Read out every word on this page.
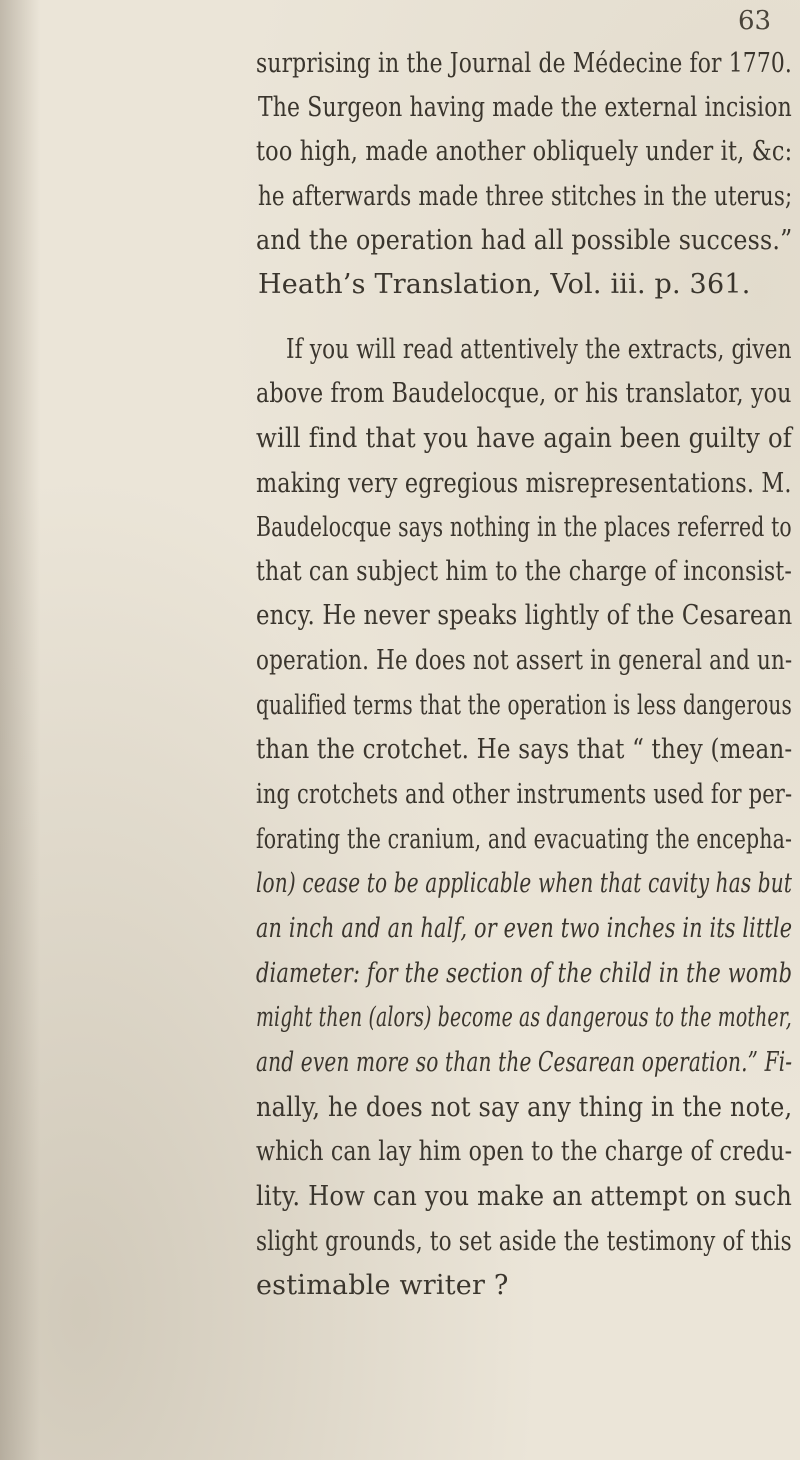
63
surprising in the Journal de Médecine for 1770.
The Surgeon having made the external incision
too high, made another obliquely under it, &c:
he afterwards made three stitches in the uterus;
and the operation had all possible success.”
Heath’s Translation, Vol. iii. p. 361.
If you will read attentively the extracts, given
above from Baudelocque, or his translator, you
will find that you have again been guilty of
making very egregious misrepresentations. M.
Baudelocque says nothing in the places referred to
that can subject him to the charge of inconsist-
ency. He never speaks lightly of the Cesarean
operation. He does not assert in general and un-
qualified terms that the operation is less dangerous
than the crotchet. He says that “ they (mean-
ing crotchets and other instruments used for per-
forating the cranium, and evacuating the encepha-
lon) cease to be applicable when that cavity has but
an inch and an half, or even two inches in its little
diameter: for the section of the child in the womb
might then (alors) become as dangerous to the mother,
and even more so than the Cesarean operation.” Fi-
nally, he does not say any thing in the note,
which can lay him open to the charge of credu-
lity. How can you make an attempt on such
slight grounds, to set aside the testimony of this
estimable writer ?
